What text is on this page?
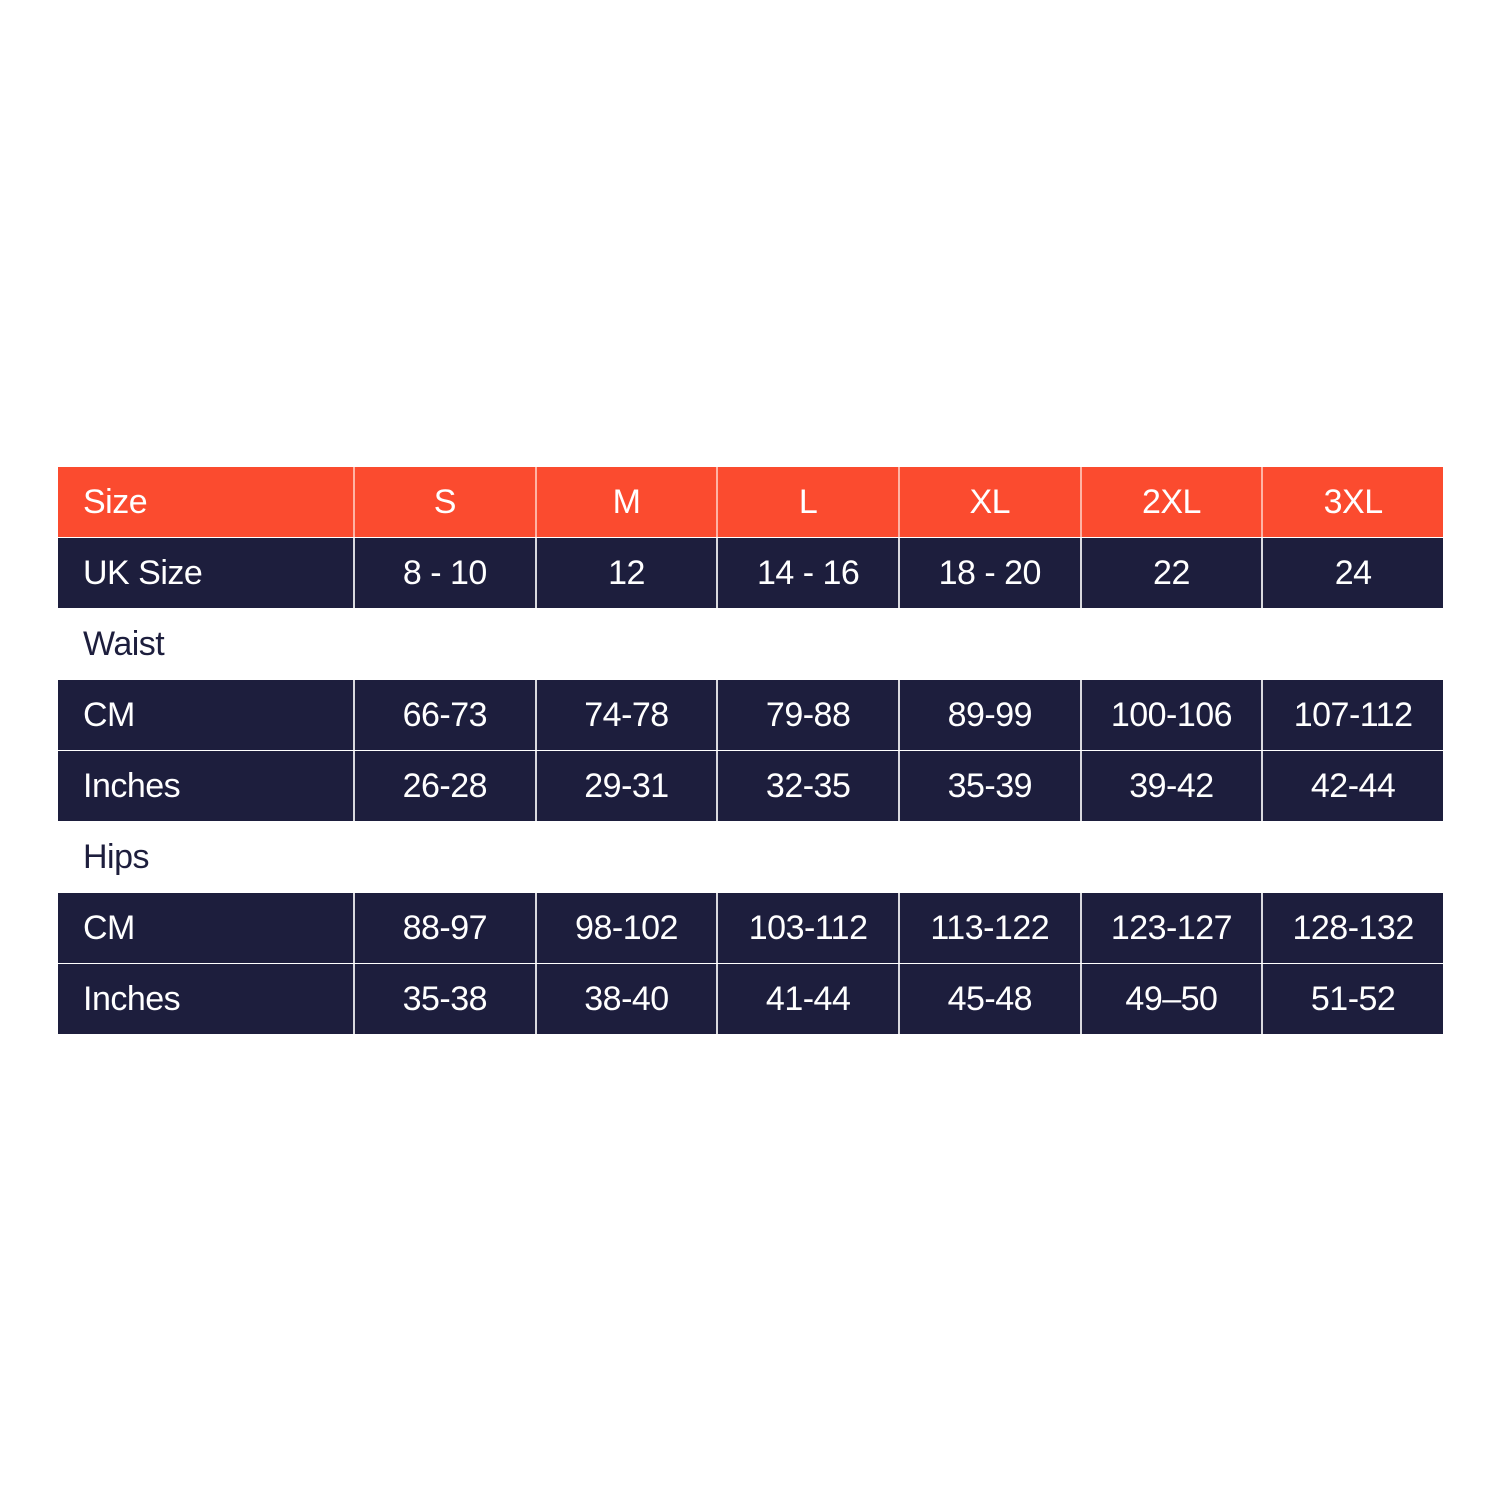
Size	S	M	L	XL	2XL	3XL
UK Size	8 - 10	12	14 - 16	18 - 20	22	24
Waist
CM	66-73	74-78	79-88	89-99	100-106	107-112
Inches	26-28	29-31	32-35	35-39	39-42	42-44
Hips
CM	88-97	98-102	103-112	113-122	123-127	128-132
Inches	35-38	38-40	41-44	45-48	49–50	51-52
